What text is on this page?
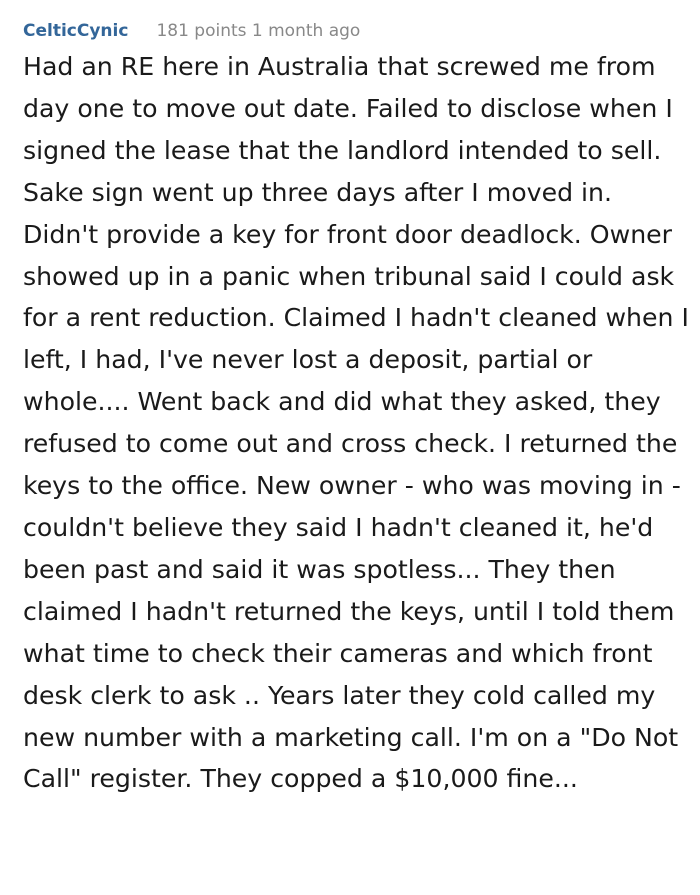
CelticCynic 181 points 1 month ago

Had an RE here in Australia that screwed me from day one to move out date. Failed to disclose when I signed the lease that the landlord intended to sell. Sake sign went up three days after I moved in. Didn't provide a key for front door deadlock. Owner showed up in a panic when tribunal said I could ask for a rent reduction. Claimed I hadn't cleaned when I left, I had, I've never lost a deposit, partial or whole.... Went back and did what they asked, they refused to come out and cross check. I returned the keys to the office. New owner - who was moving in - couldn't believe they said I hadn't cleaned it, he'd been past and said it was spotless... They then claimed I hadn't returned the keys, until I told them what time to check their cameras and which front desk clerk to ask .. Years later they cold called my new number with a marketing call. I'm on a "Do Not Call" register. They copped a $10,000 fine...
